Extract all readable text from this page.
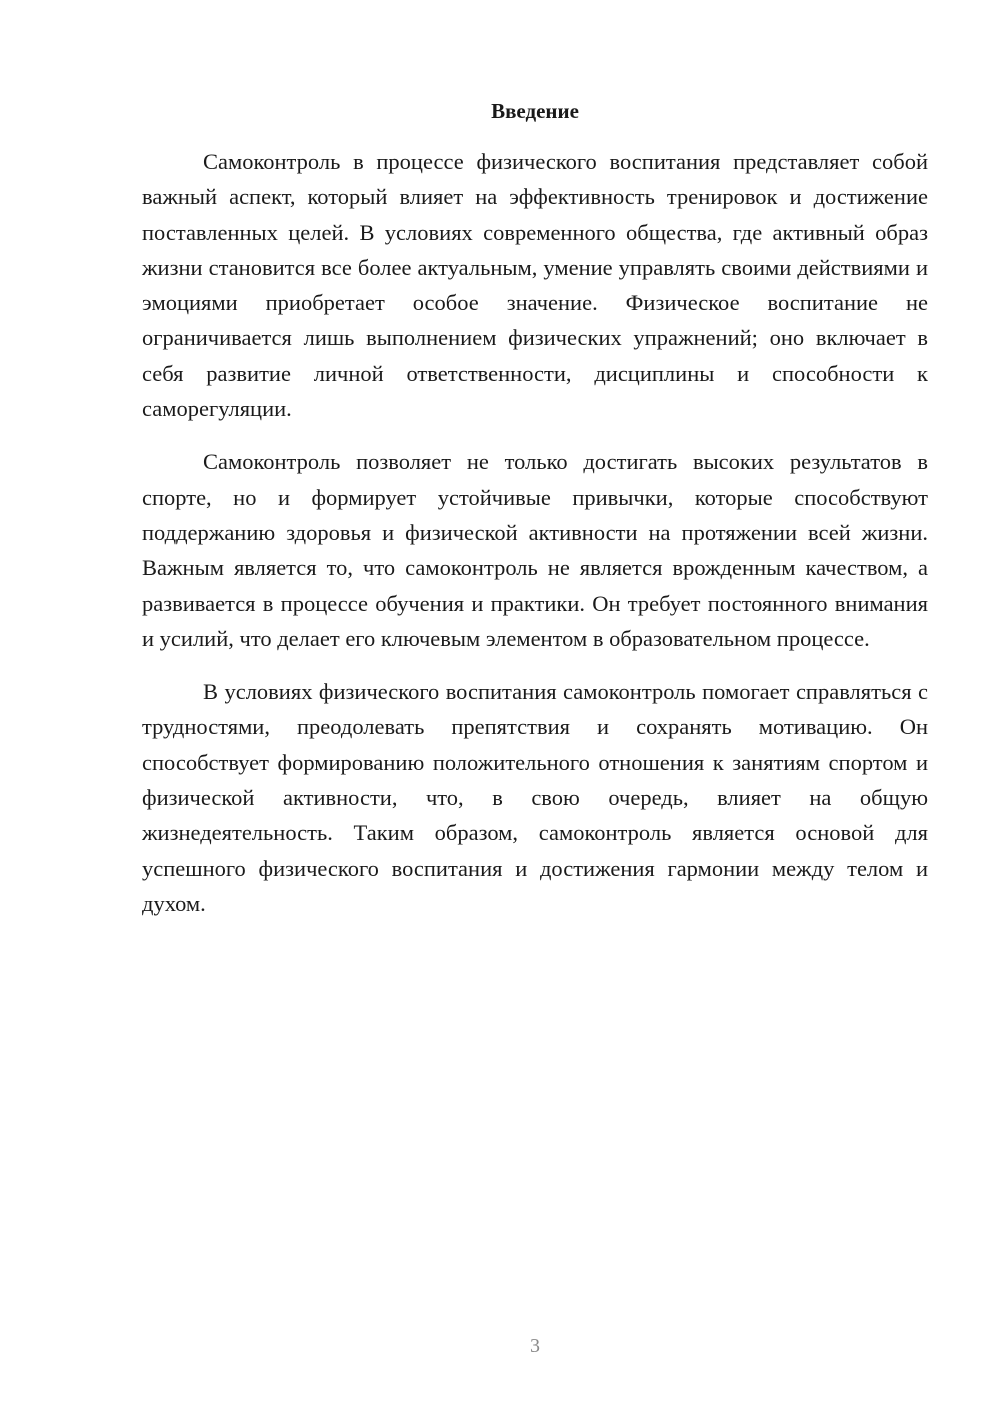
Введение

Самоконтроль в процессе физического воспитания представляет собой важный аспект, который влияет на эффективность тренировок и достижение поставленных целей. В условиях современного общества, где активный образ жизни становится все более актуальным, умение управлять своими действиями и эмоциями приобретает особое значение. Физическое воспитание не ограничивается лишь выполнением физических упражнений; оно включает в себя развитие личной ответственности, дисциплины и способности к саморегуляции.

Самоконтроль позволяет не только достигать высоких результатов в спорте, но и формирует устойчивые привычки, которые способствуют поддержанию здоровья и физической активности на протяжении всей жизни. Важным является то, что самоконтроль не является врожденным качеством, а развивается в процессе обучения и практики. Он требует постоянного внимания и усилий, что делает его ключевым элементом в образовательном процессе.

В условиях физического воспитания самоконтроль помогает справляться с трудностями, преодолевать препятствия и сохранять мотивацию. Он способствует формированию положительного отношения к занятиям спортом и физической активности, что, в свою очередь, влияет на общую жизнедеятельность. Таким образом, самоконтроль является основой для успешного физического воспитания и достижения гармонии между телом и духом.

3
